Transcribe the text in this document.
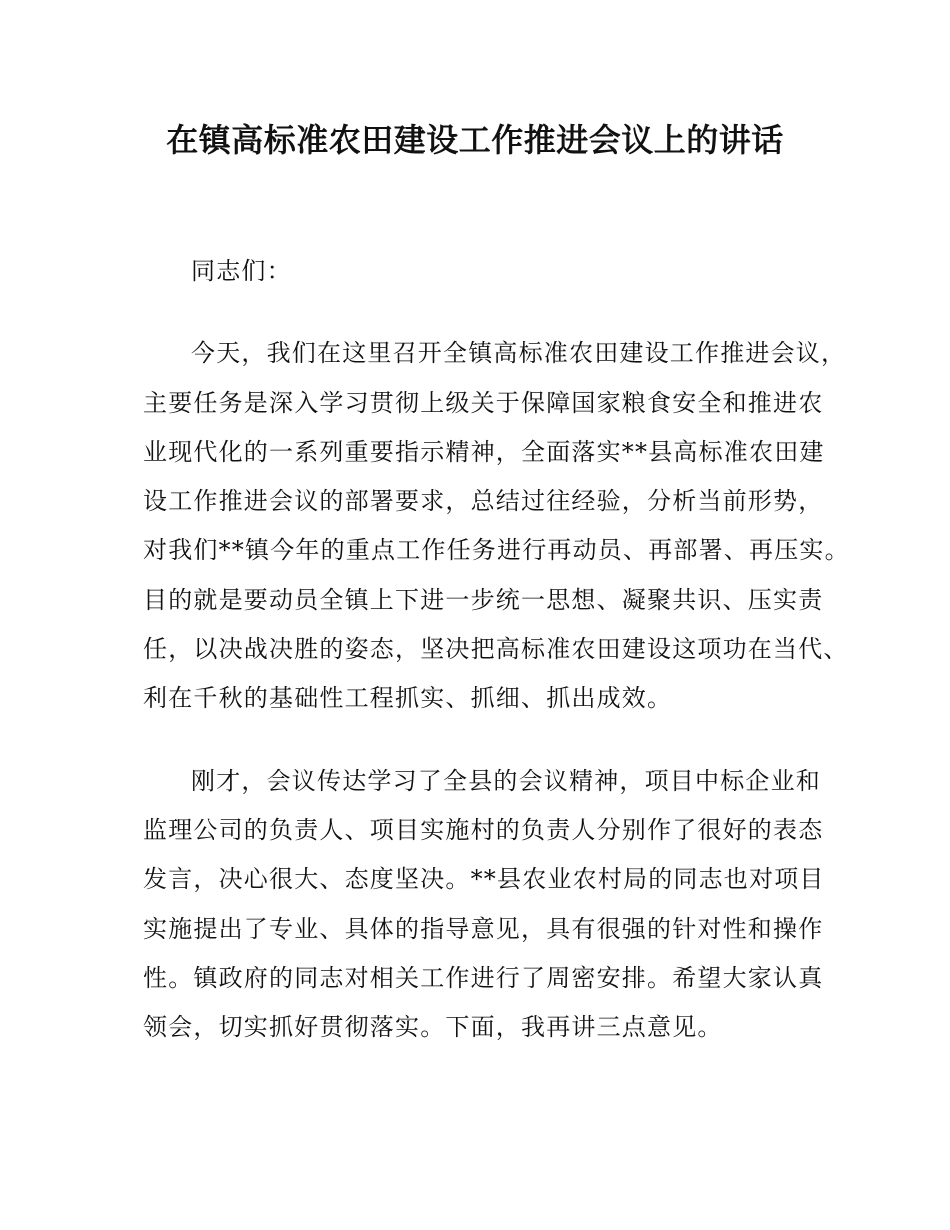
在镇高标准农田建设工作推进会议上的讲话
同志们：
今天，我们在这里召开全镇高标准农田建设工作推进会议，
主要任务是深入学习贯彻上级关于保障国家粮食安全和推进农
业现代化的一系列重要指示精神，全面落实**县高标准农田建
设工作推进会议的部署要求，总结过往经验，分析当前形势，
对我们**镇今年的重点工作任务进行再动员、再部署、再压实。
目的就是要动员全镇上下进一步统一思想、凝聚共识、压实责
任，以决战决胜的姿态，坚决把高标准农田建设这项功在当代、
利在千秋的基础性工程抓实、抓细、抓出成效。
刚才，会议传达学习了全县的会议精神，项目中标企业和
监理公司的负责人、项目实施村的负责人分别作了很好的表态
发言，决心很大、态度坚决。**县农业农村局的同志也对项目
实施提出了专业、具体的指导意见，具有很强的针对性和操作
性。镇政府的同志对相关工作进行了周密安排。希望大家认真
领会，切实抓好贯彻落实。下面，我再讲三点意见。
